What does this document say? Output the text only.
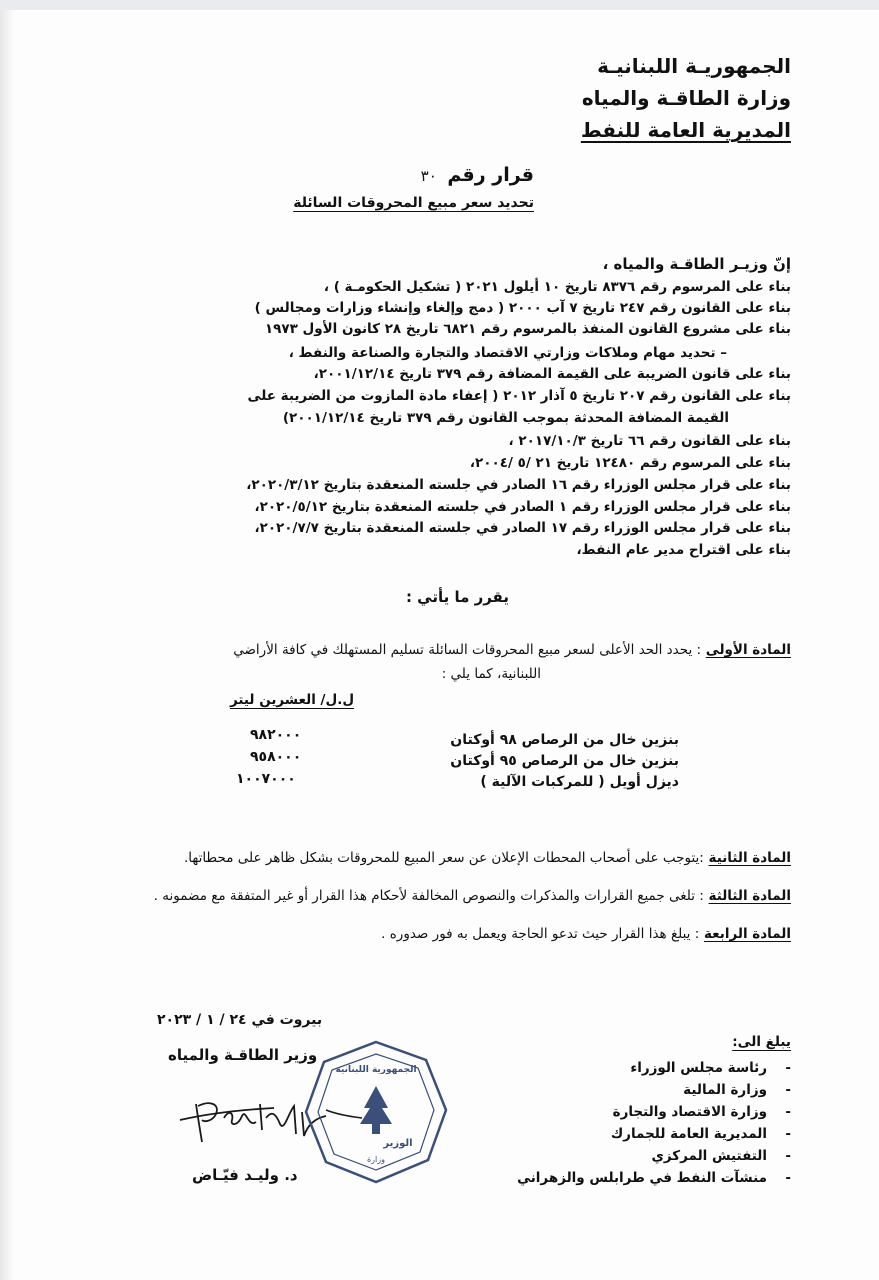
الجمهوريـة اللبنانيـة
وزارة الطاقـة والمياه
المديرية العامة للنفط
قرار رقم ٣٠
تحديد سعر مبيع المحروقات السائلة
إنّ وزيـر الطاقـة والمياه ،
بناء على المرسوم رقم ٨٣٧٦ تاريخ ١٠ أيلول ٢٠٢١ ( تشكيل الحكومـة ) ،
بناء على القانون رقم ٢٤٧ تاريخ ٧ آب ٢٠٠٠ ( دمج وإلغاء وإنشاء وزارات ومجالس )
بناء على مشروع القانون المنفذ بالمرسوم رقم ٦٨٢١ تاريخ ٢٨ كانون الأول ١٩٧٣
– تحديد مهام وملاكات وزارتي الاقتصاد والتجارة والصناعة والنفط ،
بناء على قانون الضريبة على القيمة المضافة رقم ٣٧٩ تاريخ ٢٠٠١/١٢/١٤،
بناء على القانون رقم ٢٠٧ تاريخ ٥ آذار ٢٠١٢ ( إعفاء مادة المازوت من الضريبة على
القيمة المضافة المحدثة بموجب القانون رقم ٣٧٩ تاريخ ٢٠٠١/١٢/١٤)
بناء على القانون رقم ٦٦ تاريخ ٢٠١٧/١٠/٣ ،
بناء على المرسوم رقم ١٢٤٨٠ تاريخ ٢١ /٥ /٢٠٠٤،
بناء على قرار مجلس الوزراء رقم ١٦ الصادر في جلسته المنعقدة بتاريخ ٢٠٢٠/٣/١٢،
بناء على قرار مجلس الوزراء رقم ١ الصادر في جلسته المنعقدة بتاريخ ٢٠٢٠/٥/١٢،
بناء على قرار مجلس الوزراء رقم ١٧ الصادر في جلسته المنعقدة بتاريخ ٢٠٢٠/٧/٧،
بناء على اقتراح مدير عام النفط،
يقرر ما يأتي :
المادة الأولى : يحدد الحد الأعلى لسعر مبيع المحروقات السائلة تسليم المستهلك في كافة الأراضي
اللبنانية، كما يلي :
ل.ل/ العشرين ليتر
بنزين خال من الرصاص ٩٨ أوكتان
٩٨٢٠٠٠
بنزين خال من الرصاص ٩٥ أوكتان
٩٥٨٠٠٠
ديزل أويل ( للمركبات الآلية )
١٠٠٧٠٠٠
المادة الثانية :يتوجب على أصحاب المحطات الإعلان عن سعر المبيع للمحروقات بشكل ظاهر على محطاتها.
المادة الثالثة : تلغى جميع القرارات والمذكرات والنصوص المخالفة لأحكام هذا القرار أو غير المتفقة مع مضمونه .
المادة الرابعة : يبلغ هذا القرار حيث تدعو الحاجة ويعمل به فور صدوره .
بيروت في ٢٤ / ١ / ٢٠٢٣
وزير الطاقـة والمياه
الجمهورية اللبنانية
الوزير
وزارة
د. وليـد فيّـاض
يبلغ الى:
-رئاسة مجلس الوزراء
-وزارة المالية
-وزارة الاقتصاد والتجارة
-المديرية العامة للجمارك
-التفتيش المركزي
-منشآت النفط في طرابلس والزهراني
